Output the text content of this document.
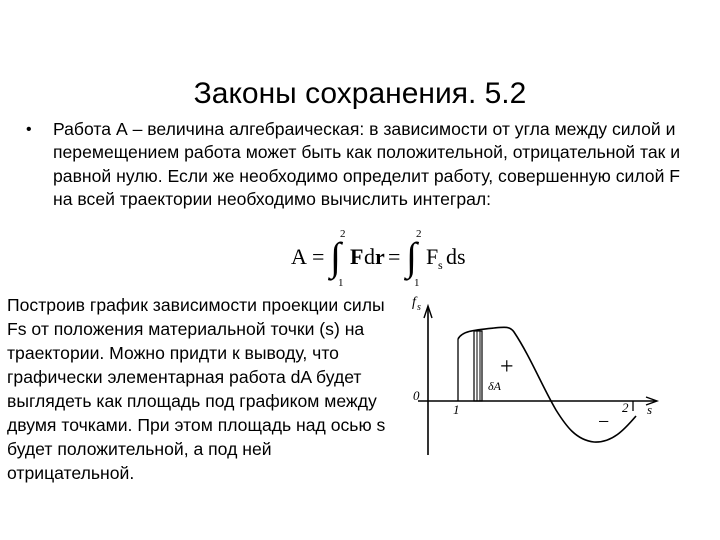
Законы сохранения. 5.2
• Работа А – величина алгебраическая: в зависимости от угла между силой и перемещением работа может быть как положительной, отрицательной так и равной нулю. Если же необходимо определит работу, совершенную силой F на всей траектории необходимо вычислить интеграл:
A = ∫ 2
1
F d r = ∫ 2
1
F s ds
Построив график зависимости проекции силы Fs от положения материальной точки (s) на траектории. Можно придти к выводу, что графически элементарная работа dA будет выглядеть как площадь под графиком между двумя точками. При этом площадь над осью s будет положительной, а под ней отрицательной.
f s
s
0
1	2
+
−
δA
